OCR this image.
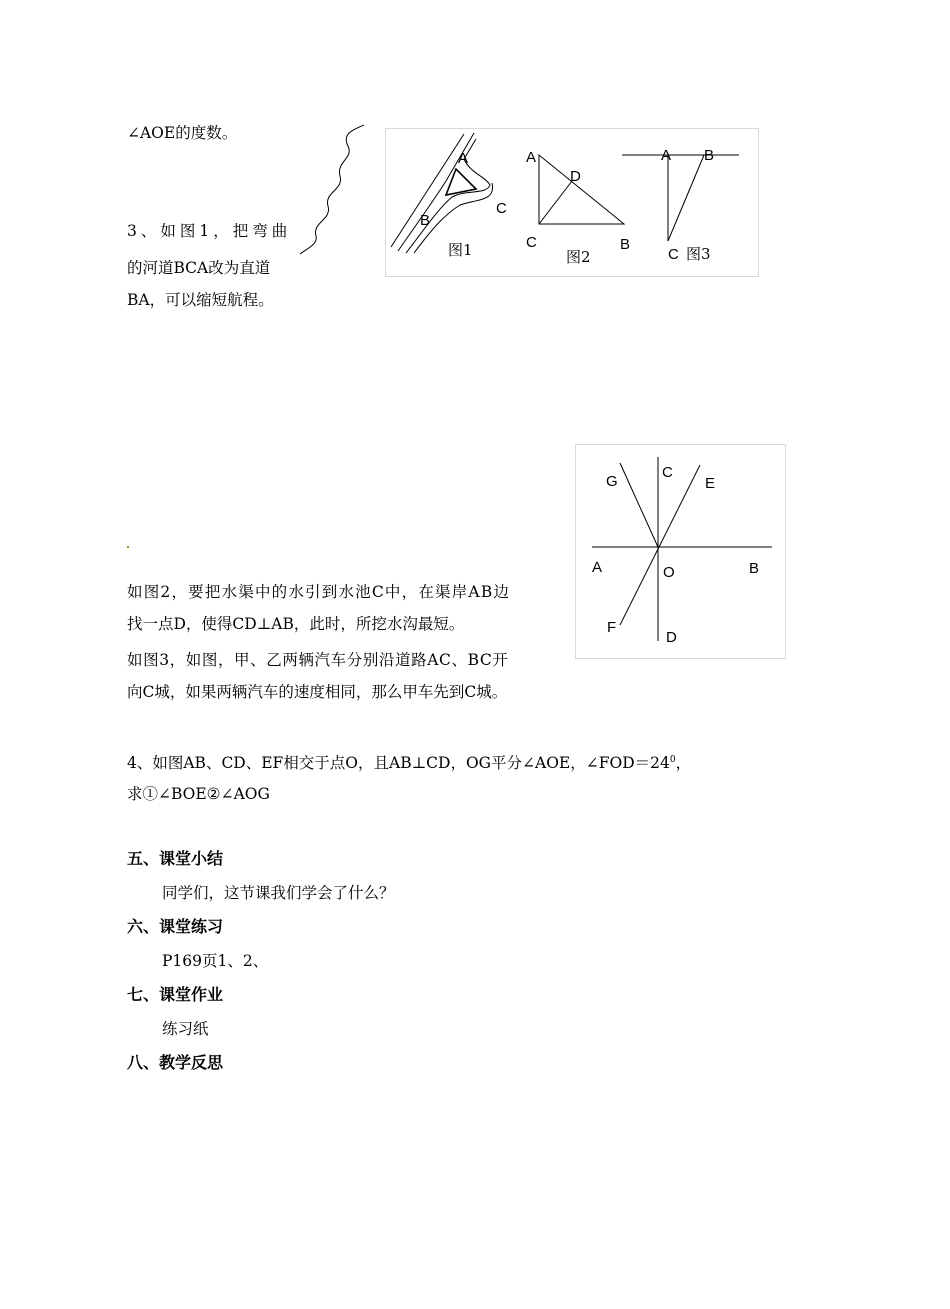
∠AOE的度数。
3、如图1，把弯曲
的河道BCA改为直道
BA，可以缩短航程。
如图2，要把水渠中的水引到水池C中，在渠岸AB边
找一点D，使得CD⊥AB，此时，所挖水沟最短。
如图3，如图，甲、乙两辆汽车分别沿道路AC、BC开
向C城，如果两辆汽车的速度相同，那么甲车先到C城。
4、如图AB、CD、EF相交于点O，且AB⊥CD，OG平分∠AOE，$\angle FOD=24^0$，
求①∠BOE②∠AOG
五、课堂小结
同学们，这节课我们学会了什么？
六、课堂练习
P169页1、2、
七、课堂作业
练习纸
八、教学反思
A
B
C
图1
A
D
C	B
图2
A B
C 图3
G
C
E
A	O	B
F
D
